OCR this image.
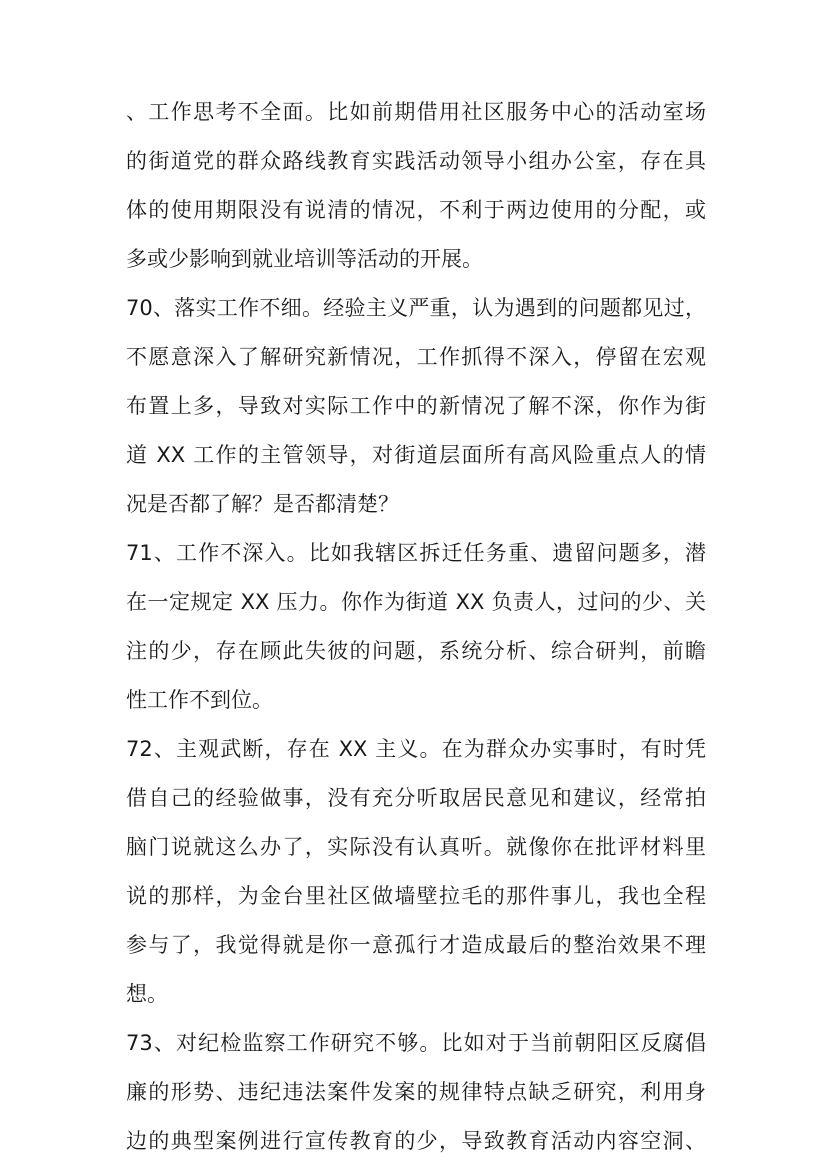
、工作思考不全面。比如前期借用社区服务中心的活动室场
的街道党的群众路线教育实践活动领导小组办公室，存在具
体的使用期限没有说清的情况，不利于两边使用的分配，或
多或少影响到就业培训等活动的开展。
70、落实工作不细。经验主义严重，认为遇到的问题都见过，
不愿意深入了解研究新情况，工作抓得不深入，停留在宏观
布置上多，导致对实际工作中的新情况了解不深，你作为街
道 XX 工作的主管领导，对街道层面所有高风险重点人的情
况是否都了解？是否都清楚？
71、工作不深入。比如我辖区拆迁任务重、遗留问题多，潜
在一定规定 XX 压力。你作为街道 XX 负责人，过问的少、关
注的少，存在顾此失彼的问题，系统分析、综合研判，前瞻
性工作不到位。
72、主观武断，存在 XX 主义。在为群众办实事时，有时凭
借自己的经验做事，没有充分听取居民意见和建议，经常拍
脑门说就这么办了，实际没有认真听。就像你在批评材料里
说的那样，为金台里社区做墙壁拉毛的那件事儿，我也全程
参与了，我觉得就是你一意孤行才造成最后的整治效果不理
想。
73、对纪检监察工作研究不够。比如对于当前朝阳区反腐倡
廉的形势、违纪违法案件发案的规律特点缺乏研究，利用身
边的典型案例进行宣传教育的少，导致教育活动内容空洞、
